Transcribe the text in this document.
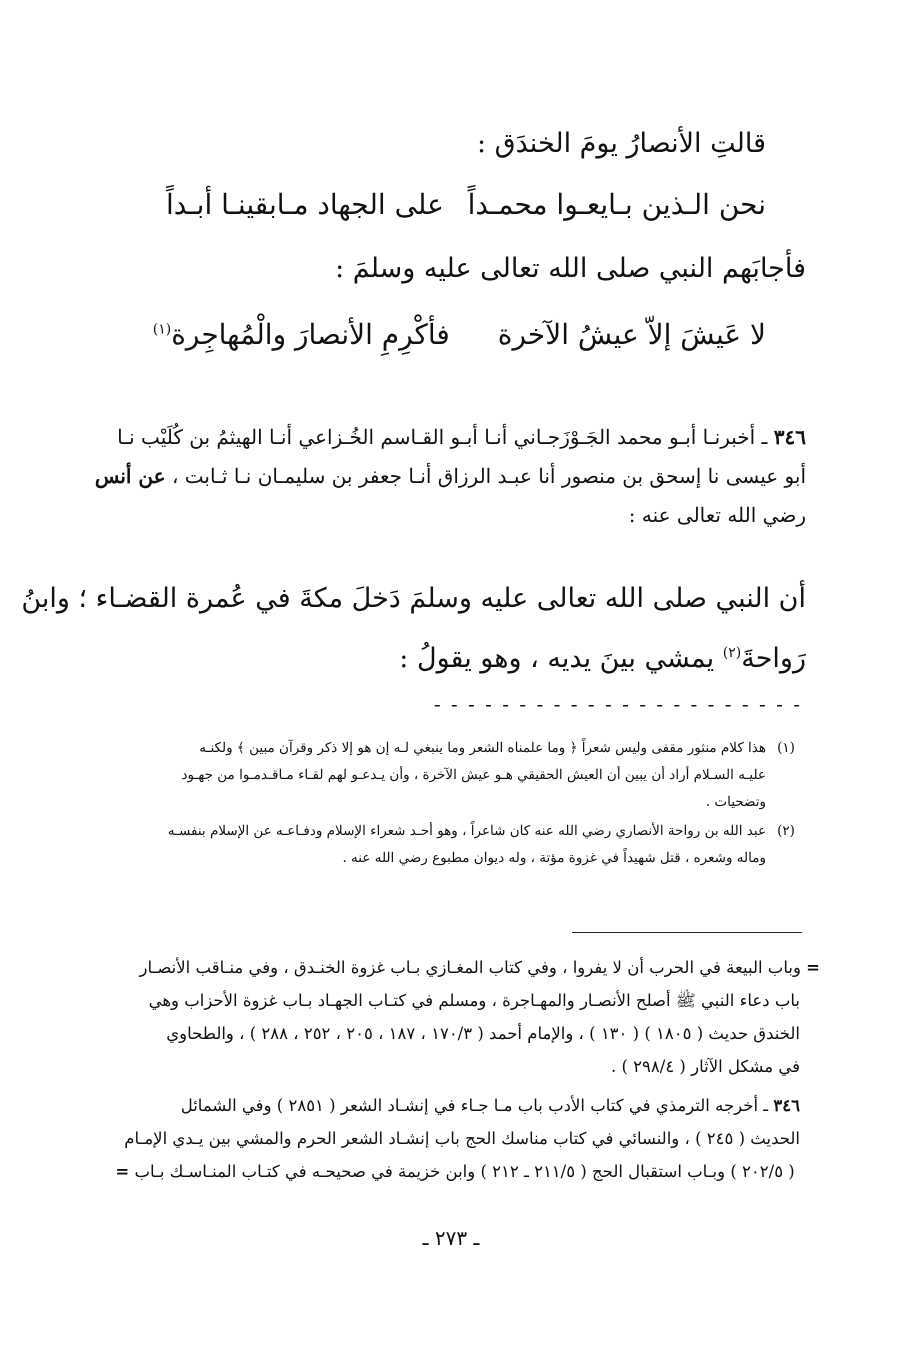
قالتِ الأنصارُ يومَ الخندَق :
نحن الـذين بـايعـوا محمـداً
على الجهاد مـابقينـا أبـداً
فأجابَهم النبي صلى الله تعالى عليه وسلمَ :
لا عَيشَ إلاّ عيشُ الآخرة
فأكْرِمِ الأنصارَ والْمُهاجِرة$^{(١)}$
٣٤٦ ـ أخبرنـا أبـو محمد الجَـوْزَجـاني أنـا أبـو القـاسم الخُـزاعي أنـا الهيثمُ بن كُلَيْب نـا
أبو عيسى نا إسحق بن منصور أنا عبـد الرزاق أنـا جعفر بن سليمـان نـا ثـابت ، عن أنس
رضي الله تعالى عنه :
أن النبي صلى الله تعالى عليه وسلمَ دَخلَ مكةَ في عُمرة القضـاء ؛ وابنُ
رَواحةَ$^{(٢)}$ يمشي بينَ يديه ، وهو يقولُ :
- - - - - - - - - - - - - - - - - - - - - -
(١)
هذا كلام منثور مقفى وليس شعراً ﴿ وما علمناه الشعر وما ينبغي لـه إن هو إلا ذكر وقرآن مبين ﴾ ولكنـه
عليـه السـلام أراد أن يبين أن العيش الحقيقي هـو عيش الآخرة ، وأن يـدعـو لهم لقـاء مـاقـدمـوا من جهـود
وتضحيات .
(٢)
عبد الله بن رواحة الأنصاري رضي الله عنه كان شاعراً ، وهو أحـد شعراء الإسلام ودفـاعـه عن الإسلام بنفسـه
وماله وشعره ، قتل شهيداً في غزوة مؤتة ، وله ديوان مطبوع رضي الله عنه .
= وباب البيعة في الحرب أن لا يفروا ، وفي كتاب المغـازي بـاب غزوة الخنـدق ، وفي منـاقب الأنصـار
باب دعاء النبي ﷺ أصلح الأنصـار والمهـاجرة ، ومسلم في كتـاب الجهـاد بـاب غزوة الأحزاب وهي
الخندق حديث ( ١٨٠٥ ) ( ١٣٠ ) ، والإمام أحمد ( ١٧٠/٣ ، ١٨٧ ، ٢٠٥ ، ٢٥٢ ، ٢٨٨ ) ، والطحاوي
في مشكل الآثار ( ٢٩٨/٤ ) .
٣٤٦ ـ أخرجه الترمذي في كتاب الأدب باب مـا جـاء في إنشـاد الشعر ( ٢٨٥١ ) وفي الشمائل
الحديث ( ٢٤٥ ) ، والنسائي في كتاب مناسك الحج باب إنشـاد الشعر الحرم والمشي بين يـدي الإمـام
( ٢٠٢/٥ ) وبـاب استقبال الحج ( ٢١١/٥ ـ ٢١٢ ) وابن خزيمة في صحيحـه في كتـاب المنـاسـك بـاب =
ـ ٢٧٣ ـ
